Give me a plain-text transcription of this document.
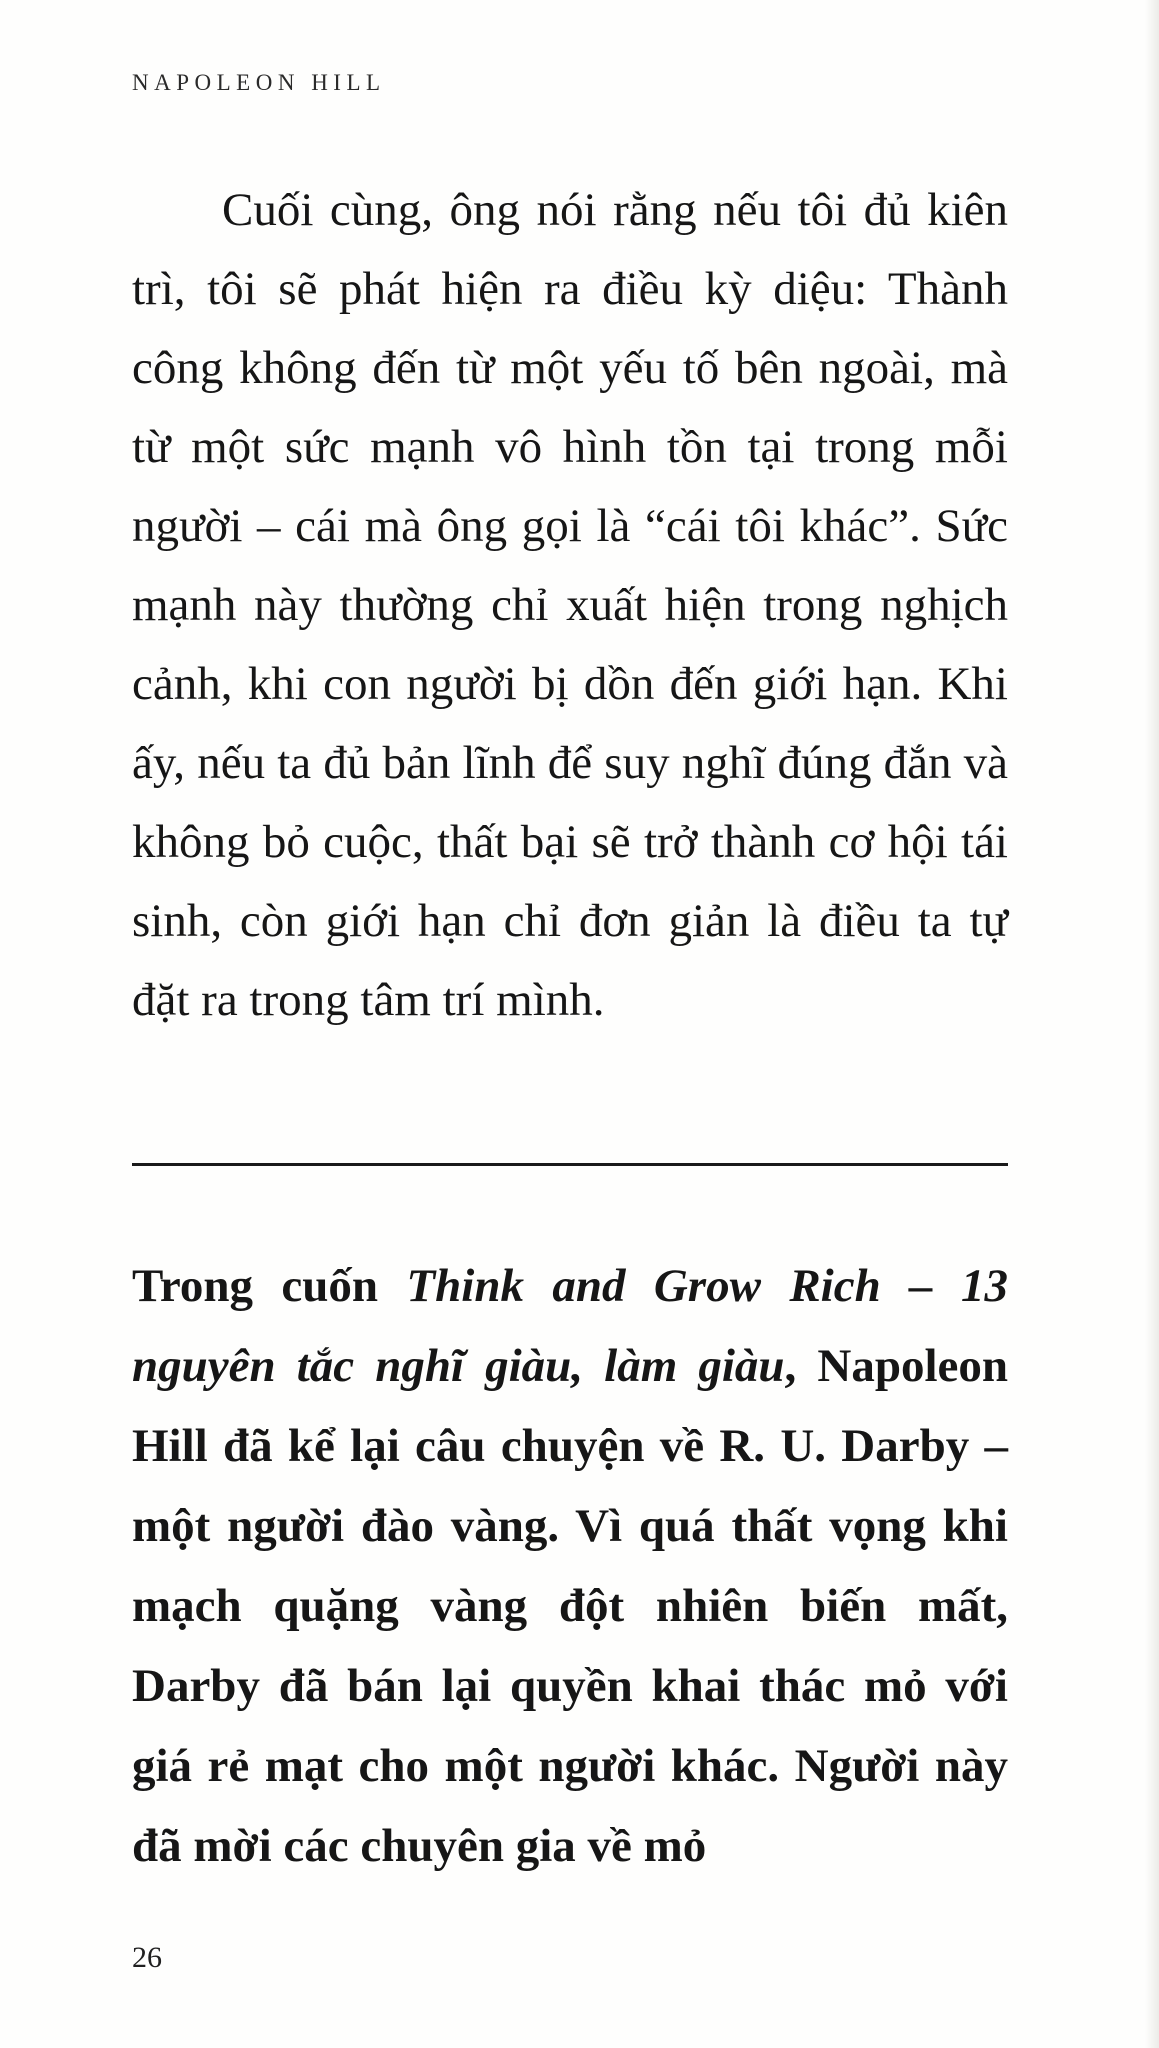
NAPOLEON HILL

Cuối cùng, ông nói rằng nếu tôi đủ kiên trì, tôi sẽ phát hiện ra điều kỳ diệu: Thành công không đến từ một yếu tố bên ngoài, mà từ một sức mạnh vô hình tồn tại trong mỗi người – cái mà ông gọi là “cái tôi khác”. Sức mạnh này thường chỉ xuất hiện trong nghịch cảnh, khi con người bị dồn đến giới hạn. Khi ấy, nếu ta đủ bản lĩnh để suy nghĩ đúng đắn và không bỏ cuộc, thất bại sẽ trở thành cơ hội tái sinh, còn giới hạn chỉ đơn giản là điều ta tự đặt ra trong tâm trí mình.

Trong cuốn Think and Grow Rich – 13 nguyên tắc nghĩ giàu, làm giàu, Napoleon Hill đã kể lại câu chuyện về R. U. Darby – một người đào vàng. Vì quá thất vọng khi mạch quặng vàng đột nhiên biến mất, Darby đã bán lại quyền khai thác mỏ với giá rẻ mạt cho một người khác. Người này đã mời các chuyên gia về mỏ

26
